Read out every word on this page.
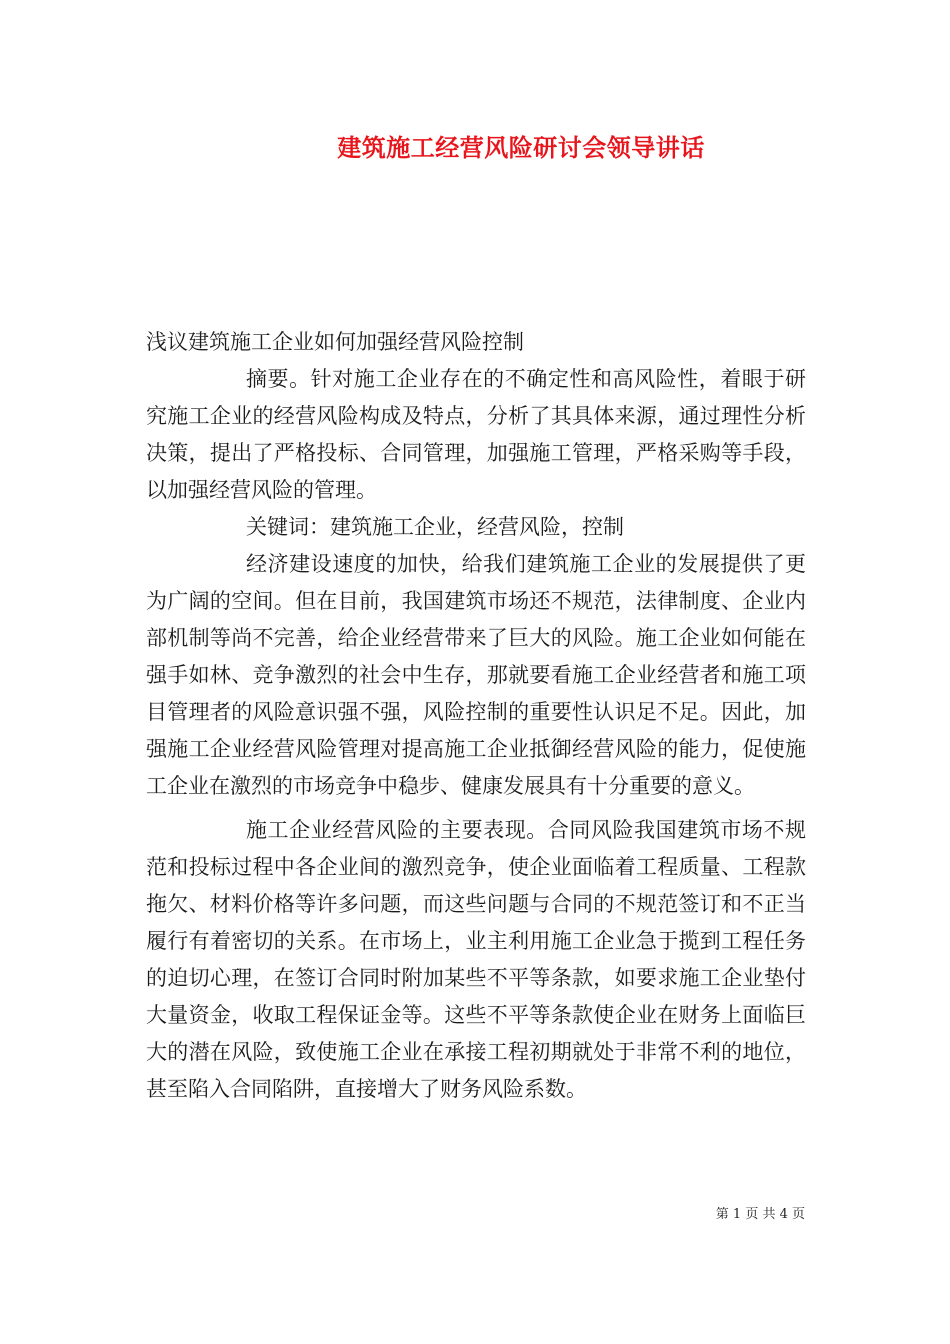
建筑施工经营风险研讨会领导讲话

浅议建筑施工企业如何加强经营风险控制

摘要。针对施工企业存在的不确定性和高风险性，着眼于研究施工企业的经营风险构成及特点，分析了其具体来源，通过理性分析决策，提出了严格投标、合同管理，加强施工管理，严格采购等手段，以加强经营风险的管理。

关键词：建筑施工企业，经营风险，控制

经济建设速度的加快，给我们建筑施工企业的发展提供了更为广阔的空间。但在目前，我国建筑市场还不规范，法律制度、企业内部机制等尚不完善，给企业经营带来了巨大的风险。施工企业如何能在强手如林、竞争激烈的社会中生存，那就要看施工企业经营者和施工项目管理者的风险意识强不强，风险控制的重要性认识足不足。因此，加强施工企业经营风险管理对提高施工企业抵御经营风险的能力，促使施工企业在激烈的市场竞争中稳步、健康发展具有十分重要的意义。

施工企业经营风险的主要表现。合同风险我国建筑市场不规范和投标过程中各企业间的激烈竞争，使企业面临着工程质量、工程款拖欠、材料价格等许多问题，而这些问题与合同的不规范签订和不正当履行有着密切的关系。在市场上，业主利用施工企业急于揽到工程任务的迫切心理，在签订合同时附加某些不平等条款，如要求施工企业垫付大量资金，收取工程保证金等。这些不平等条款使企业在财务上面临巨大的潜在风险，致使施工企业在承接工程初期就处于非常不利的地位，甚至陷入合同陷阱，直接增大了财务风险系数。

第 1 页 共 4 页
